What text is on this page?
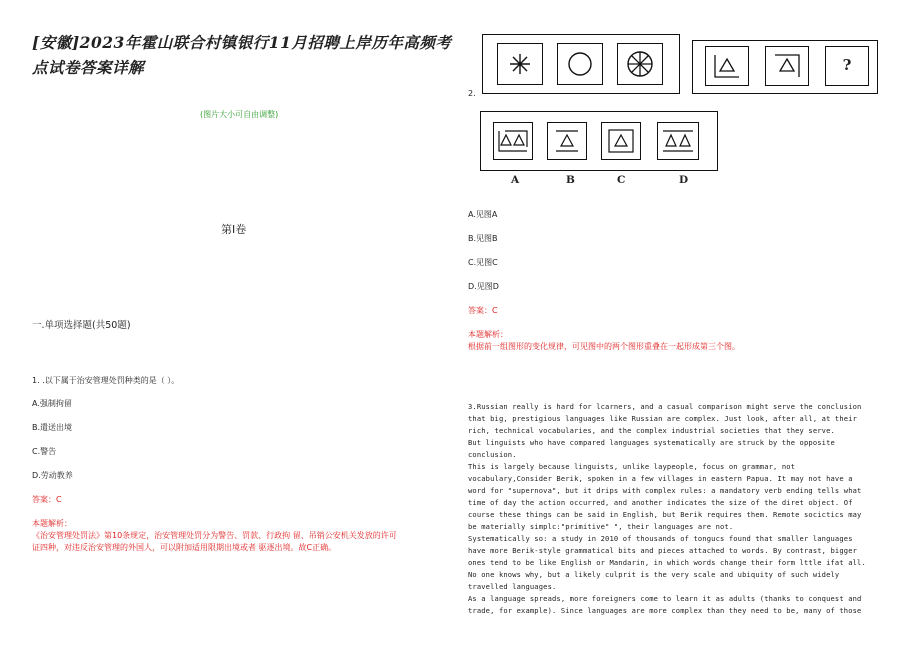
[安徽]2023年霍山联合村镇银行11月招聘上岸历年高频考点试卷答案详解
(图片大小可自由调整)
第I卷
一.单项选择题(共50题)
1. .以下属于治安管理处罚种类的是（ ）。
A.强制拘留
B.遣送出境
C.警告
D.劳动教养
答案：C
本题解析：
《治安管理处罚法》第10条规定，治安管理处罚分为警告、罚款、行政拘 留、吊销公安机关发放的许可
证四种，对违反治安管理的外国人，可以附加适用限期出境或者 驱逐出境。故C正确。
?
2.
A	B	C	D
A.见图A
B.见图B
C.见图C
D.见图D
答案：C
本题解析：
根据前一组图形的变化规律，可见图中的两个图形重叠在一起形成第三个图。
3.Russian really is hard for lcarners, and a casual comparison might serve the conclusion
that big, prestigious languages like Russian are complex. Just look, after all, at their
rich, technical vocabularies, and the complex industrial societies that they serve.
But linguists who have compared languages systematically are struck by the opposite
conclusion.
This is largely because linguists, unlike laypeople, focus on grammar, not
vocabulary,Consider Berik, spoken in a few villages in eastern Papua. It may not have a
word for "supernova", but it drips with complex rules: a mandatory verb ending tells what
time of day the action occurred, and another indicates the size of the diret object. Of
course these things can be said in English, but Berik requires them. Remote socictics may
be materially simplc:"primitive" ", their languages are not.
Systematically so: a study in 2010 of thousands of tongucs found that smaller languages
have more Berik-style grammatical bits and pieces attached to words. By contrast, bigger
ones tend to be like English or Mandarin, in which words change their form lttle ifat all.
No one knows why, but a likely culprit is the very scale and ubiquity of such widely
travelled languages.
As a language spreads, more foreigners come to learn it as adults (thanks to conquest and
trade, for example). Since languages are more complex than they need to be, many of those
